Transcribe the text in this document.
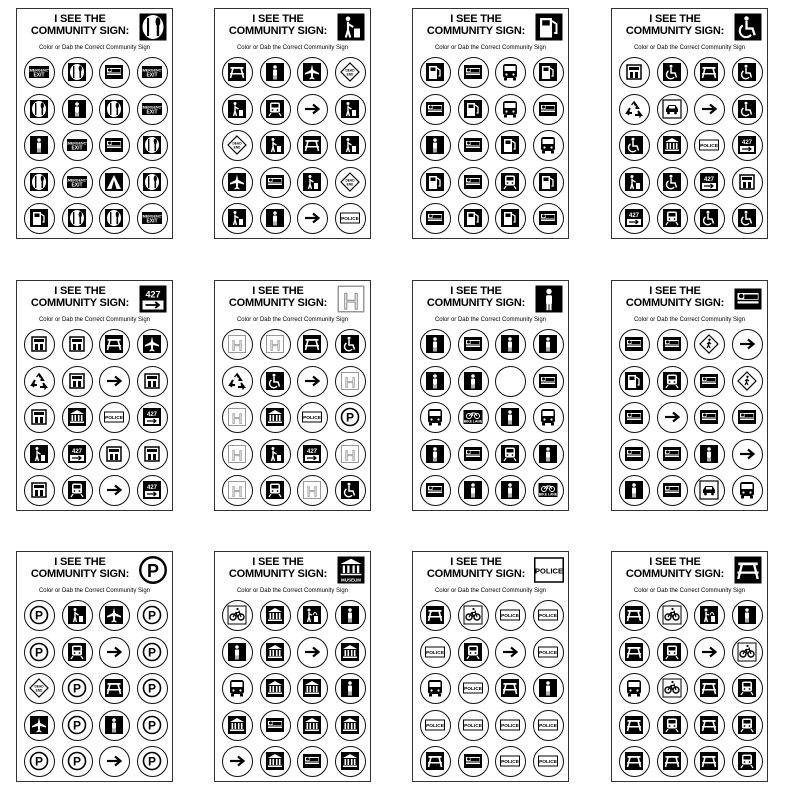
I SEE THE
COMMUNITY SIGN:
Color or Dab the Correct Community Sign
I SEE THE
COMMUNITY SIGN:
Color or Dab the Correct Community Sign
I SEE THE
COMMUNITY SIGN:
Color or Dab the Correct Community Sign
I SEE THE
COMMUNITY SIGN:
Color or Dab the Correct Community Sign
I SEE THE
COMMUNITY SIGN:
Color or Dab the Correct Community Sign
I SEE THE
COMMUNITY SIGN:
Color or Dab the Correct Community Sign
I SEE THE
COMMUNITY SIGN:
Color or Dab the Correct Community Sign
I SEE THE
COMMUNITY SIGN:
Color or Dab the Correct Community Sign
I SEE THE
COMMUNITY SIGN:
Color or Dab the Correct Community Sign
I SEE THE
COMMUNITY SIGN:
Color or Dab the Correct Community Sign
I SEE THE
COMMUNITY SIGN:
Color or Dab the Correct Community Sign
I SEE THE
COMMUNITY SIGN:
Color or Dab the Correct Community Sign
